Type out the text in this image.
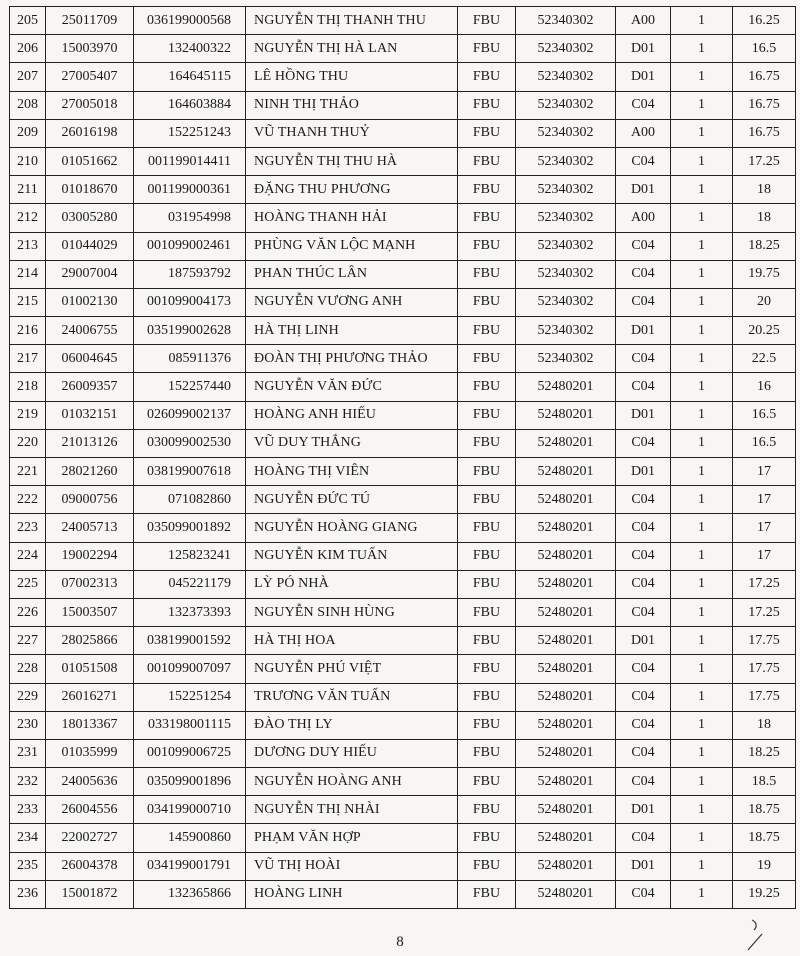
205	25011709	036199000568	NGUYỄN THỊ THANH THU	FBU	52340302	A00	1	16.25
206	15003970	132400322	NGUYỄN THỊ HÀ LAN	FBU	52340302	D01	1	16.5
207	27005407	164645115	LÊ HỒNG THU	FBU	52340302	D01	1	16.75
208	27005018	164603884	NINH THỊ THẢO	FBU	52340302	C04	1	16.75
209	26016198	152251243	VŨ THANH THUỶ	FBU	52340302	A00	1	16.75
210	01051662	001199014411	NGUYỄN THỊ THU HÀ	FBU	52340302	C04	1	17.25
211	01018670	001199000361	ĐẶNG THU PHƯƠNG	FBU	52340302	D01	1	18
212	03005280	031954998	HOÀNG THANH HẢI	FBU	52340302	A00	1	18
213	01044029	001099002461	PHÙNG VĂN LỘC MẠNH	FBU	52340302	C04	1	18.25
214	29007004	187593792	PHAN THÚC LÂN	FBU	52340302	C04	1	19.75
215	01002130	001099004173	NGUYỄN VƯƠNG ANH	FBU	52340302	C04	1	20
216	24006755	035199002628	HÀ THỊ LINH	FBU	52340302	D01	1	20.25
217	06004645	085911376	ĐOÀN THỊ PHƯƠNG THẢO	FBU	52340302	C04	1	22.5
218	26009357	152257440	NGUYỄN VĂN ĐỨC	FBU	52480201	C04	1	16
219	01032151	026099002137	HOÀNG ANH HIẾU	FBU	52480201	D01	1	16.5
220	21013126	030099002530	VŨ DUY THẮNG	FBU	52480201	C04	1	16.5
221	28021260	038199007618	HOÀNG THỊ VIÊN	FBU	52480201	D01	1	17
222	09000756	071082860	NGUYỄN ĐỨC TÚ	FBU	52480201	C04	1	17
223	24005713	035099001892	NGUYỄN HOÀNG GIANG	FBU	52480201	C04	1	17
224	19002294	125823241	NGUYỄN KIM TUẤN	FBU	52480201	C04	1	17
225	07002313	045221179	LỲ PÓ NHÀ	FBU	52480201	C04	1	17.25
226	15003507	132373393	NGUYỄN SINH HÙNG	FBU	52480201	C04	1	17.25
227	28025866	038199001592	HÀ THỊ HOA	FBU	52480201	D01	1	17.75
228	01051508	001099007097	NGUYỄN PHÚ VIỆT	FBU	52480201	C04	1	17.75
229	26016271	152251254	TRƯƠNG VĂN TUẤN	FBU	52480201	C04	1	17.75
230	18013367	033198001115	ĐÀO THỊ LY	FBU	52480201	C04	1	18
231	01035999	001099006725	DƯƠNG DUY HIẾU	FBU	52480201	C04	1	18.25
232	24005636	035099001896	NGUYỄN HOÀNG ANH	FBU	52480201	C04	1	18.5
233	26004556	034199000710	NGUYỄN THỊ NHÀI	FBU	52480201	D01	1	18.75
234	22002727	145900860	PHẠM VĂN HỢP	FBU	52480201	C04	1	18.75
235	26004378	034199001791	VŨ THỊ HOÀI	FBU	52480201	D01	1	19
236	15001872	132365866	HOÀNG LINH	FBU	52480201	C04	1	19.25
8
